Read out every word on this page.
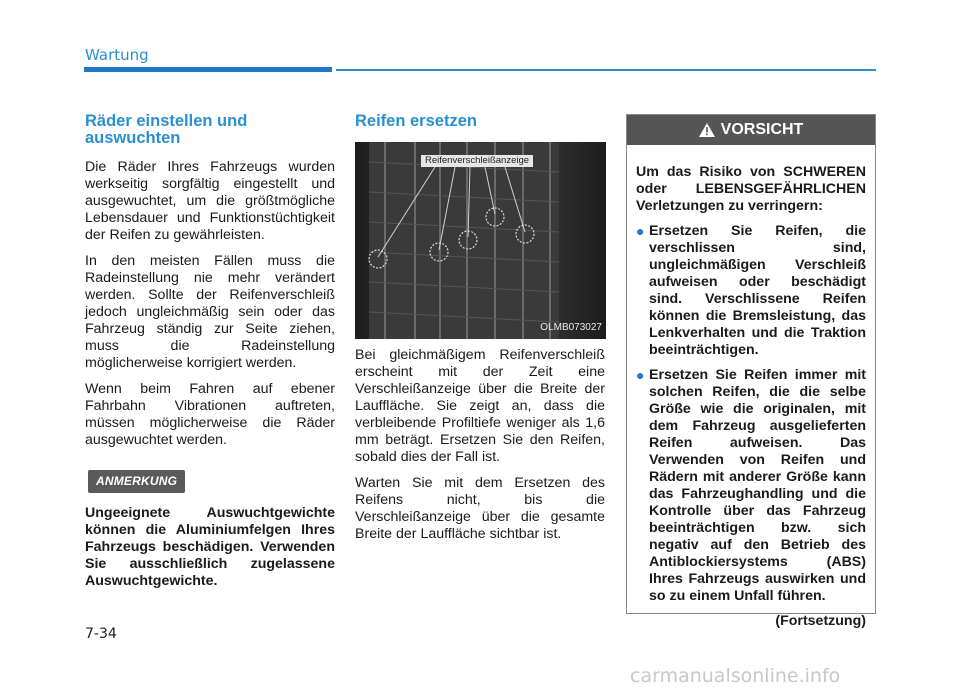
Wartung
Räder einstellen und auswuchten

Die Räder Ihres Fahrzeugs wurden werkseitig sorgfältig eingestellt und ausgewuchtet, um die größtmögliche Lebensdauer und Funktionstüchtigkeit der Reifen zu gewährleisten.

In den meisten Fällen muss die Radeinstellung nie mehr verändert werden. Sollte der Reifenverschleiß jedoch ungleichmäßig sein oder das Fahrzeug ständig zur Seite ziehen, muss die Radeinstellung möglicherweise korrigiert werden.

Wenn beim Fahren auf ebener Fahrbahn Vibrationen auftreten, müssen möglicherweise die Räder ausgewuchtet werden.

ANMERKUNG

Ungeeignete Auswuchtgewichte können die Aluminiumfelgen Ihres Fahrzeugs beschädigen. Verwenden Sie ausschließlich zugelassene Auswuchtgewichte.

Reifen ersetzen
Reifenverschleißanzeige
OLMB073027

Bei gleichmäßigem Reifenverschleiß erscheint mit der Zeit eine Verschleißanzeige über die Breite der Lauffläche. Sie zeigt an, dass die verbleibende Profiltiefe weniger als 1,6 mm beträgt. Ersetzen Sie den Reifen, sobald dies der Fall ist.

Warten Sie mit dem Ersetzen des Reifens nicht, bis die Verschleißanzeige über die gesamte Breite der Lauffläche sichtbar ist.

VORSICHT

Um das Risiko von SCHWEREN oder LEBENSGEFÄHRLICHEN Verletzungen zu verringern:

● Ersetzen Sie Reifen, die verschlissen sind, ungleichmäßigen Verschleiß aufweisen oder beschädigt sind. Verschlissene Reifen können die Bremsleistung, das Lenkverhalten und die Traktion beeinträchtigen.
● Ersetzen Sie Reifen immer mit solchen Reifen, die die selbe Größe wie die originalen, mit dem Fahrzeug ausgelieferten Reifen aufweisen. Das Verwenden von Reifen und Rädern mit anderer Größe kann das Fahrzeughandling und die Kontrolle über das Fahrzeug beeinträchtigen bzw. sich negativ auf den Betrieb des Antiblockiersystems (ABS) Ihres Fahrzeugs auswirken und so zu einem Unfall führen.
(Fortsetzung)
7-34
carmanualsonline.info
